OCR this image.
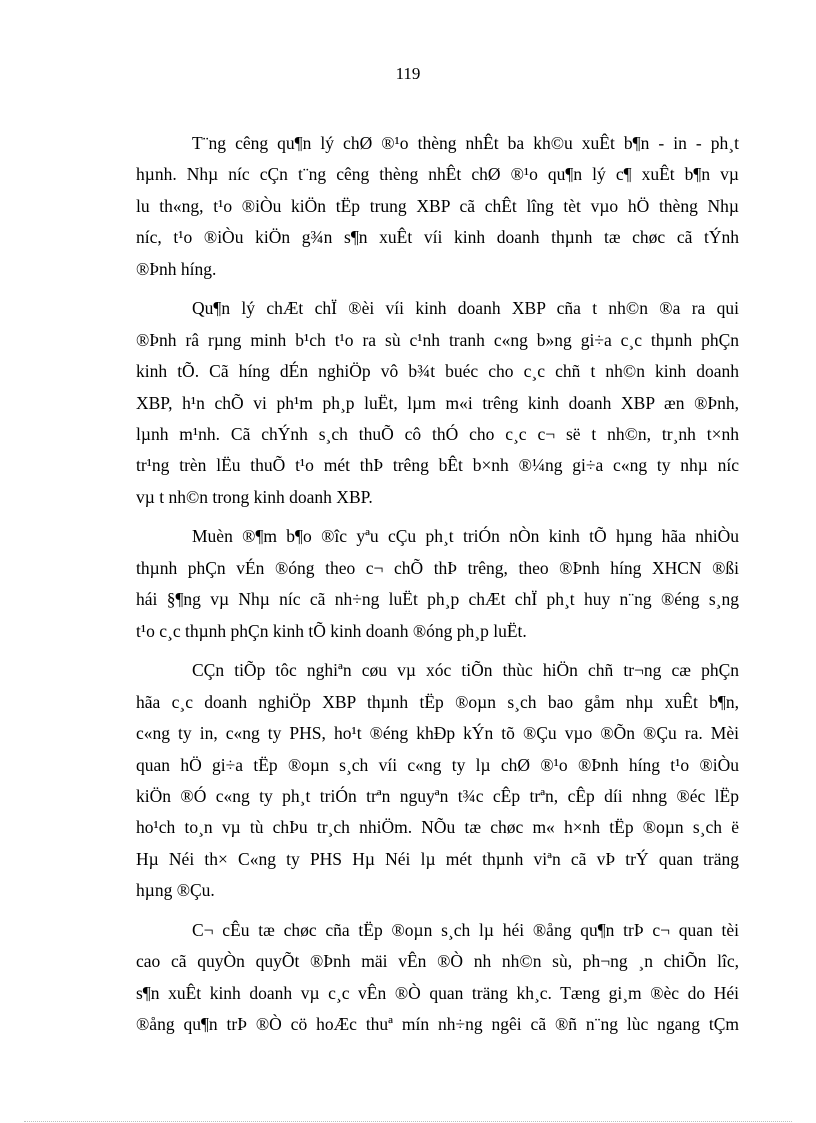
119
T¨ng cêng qu¶n lý chØ ®¹o thèng nhÊt ba kh©u xuÊt b¶n - in - ph¸t
hµnh. Nhµ níc cÇn t¨ng cêng thèng nhÊt chØ ®¹o qu¶n lý c¶ xuÊt b¶n vµ
lu th«ng, t¹o ®iÒu kiÖn tËp trung XBP cã chÊt lîng tèt vµo hÖ thèng Nhµ
níc, t¹o ®iÒu kiÖn g¾n s¶n xuÊt víi kinh doanh thµnh tæ chøc cã tÝnh
®Þnh híng.
Qu¶n lý chÆt chÏ ®èi víi kinh doanh XBP cña t nh©n ®a ra qui
®Þnh râ rµng minh b¹ch t¹o ra sù c¹nh tranh c«ng b»ng gi÷a c¸c thµnh phÇn
kinh tÕ. Cã híng dÉn nghiÖp vô b¾t buéc cho c¸c chñ t nh©n kinh doanh
XBP, h¹n chÕ vi ph¹m ph¸p luËt, lµm m«i trêng kinh doanh XBP æn ®Þnh,
lµnh m¹nh. Cã chÝnh s¸ch thuÕ cô thÓ cho c¸c c¬ së t nh©n, tr¸nh t×nh
tr¹ng trèn lËu thuÕ t¹o mét thÞ trêng bÊt b×nh ®¼ng gi÷a c«ng ty nhµ níc
vµ t nh©n trong kinh doanh XBP.
Muèn ®¶m b¶o ®îc yªu cÇu ph¸t triÓn nÒn kinh tÕ hµng hãa nhiÒu
thµnh phÇn vÉn ®óng theo c¬ chÕ thÞ trêng, theo ®Þnh híng XHCN ®ßi
hái §¶ng vµ Nhµ níc cã nh÷ng luËt ph¸p chÆt chÏ ph¸t huy n¨ng ®éng s¸ng
t¹o c¸c thµnh phÇn kinh tÕ kinh doanh ®óng ph¸p luËt.
CÇn tiÕp tôc nghiªn cøu vµ xóc tiÕn thùc hiÖn chñ tr¬ng cæ phÇn
hãa c¸c doanh nghiÖp XBP thµnh tËp ®oµn s¸ch bao gåm nhµ xuÊt b¶n,
c«ng ty in, c«ng ty PHS, ho¹t ®éng khÐp kÝn tõ ®Çu vµo ®Õn ®Çu ra. Mèi
quan hÖ gi÷a tËp ®oµn s¸ch víi c«ng ty lµ chØ ®¹o ®Þnh híng t¹o ®iÒu
kiÖn ®Ó c«ng ty ph¸t triÓn trªn nguyªn t¾c cÊp trªn, cÊp díi nhng ®éc lËp
ho¹ch to¸n vµ tù chÞu tr¸ch nhiÖm. NÕu tæ chøc m« h×nh tËp ®oµn s¸ch ë
Hµ Néi th× C«ng ty PHS Hµ Néi lµ mét thµnh viªn cã vÞ trÝ quan träng
hµng ®Çu.
C¬ cÊu tæ chøc cña tËp ®oµn s¸ch lµ héi ®ång qu¶n trÞ c¬ quan tèi
cao cã quyÒn quyÕt ®Þnh mäi vÊn ®Ò nh nh©n sù, ph¬ng ¸n chiÕn lîc,
s¶n xuÊt kinh doanh vµ c¸c vÊn ®Ò quan träng kh¸c. Tæng gi¸m ®èc do Héi
®ång qu¶n trÞ ®Ò cö hoÆc thuª mín nh÷ng ngêi cã ®ñ n¨ng lùc ngang tÇm
